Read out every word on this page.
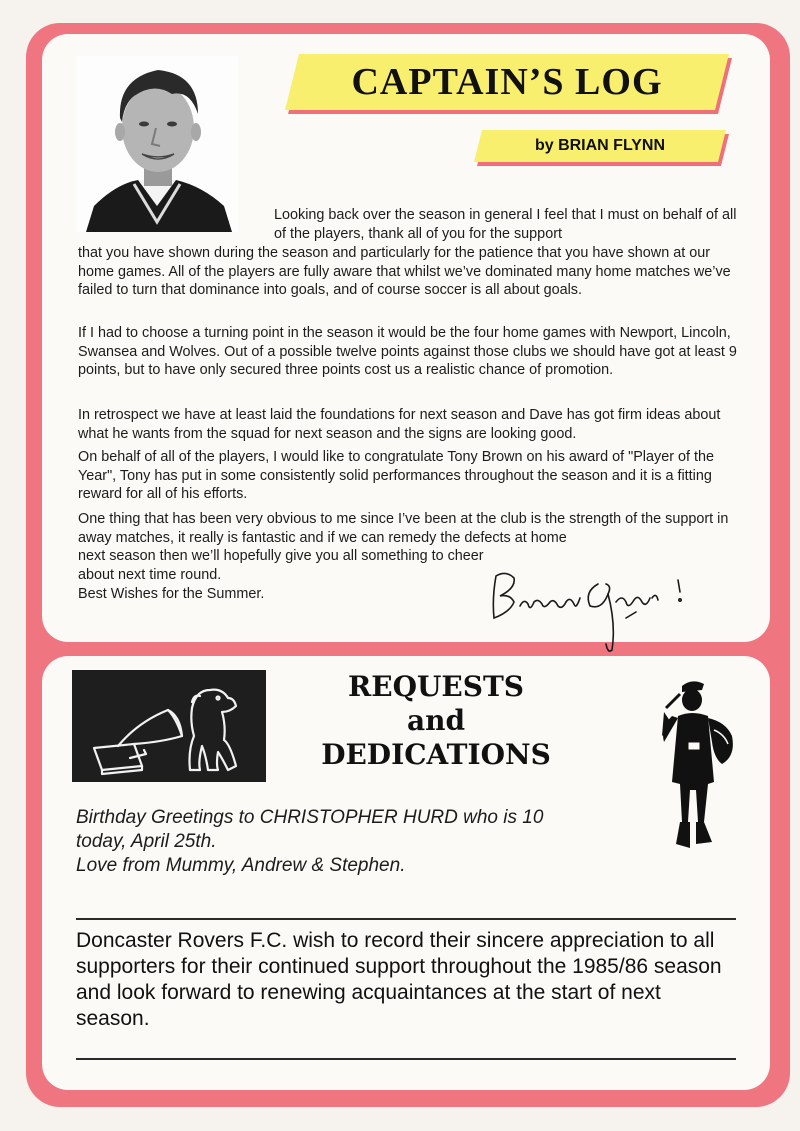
CAPTAIN’S LOG
by BRIAN FLYNN
Looking back over the season in general I feel that I must on behalf of all of the players, thank all of you for the support
that you have shown during the season and particularly for the patience that you have shown at our home games. All of the players are fully aware that whilst we’ve dominated many home matches we’ve failed to turn that dominance into goals, and of course soccer is all about goals.
If I had to choose a turning point in the season it would be the four home games with Newport, Lincoln, Swansea and Wolves. Out of a possible twelve points against those clubs we should have got at least 9 points, but to have only secured three points cost us a realistic chance of promotion.
In retrospect we have at least laid the foundations for next season and Dave has got firm ideas about what he wants from the squad for next season and the signs are looking good.
On behalf of all of the players, I would like to congratulate Tony Brown on his award of "Player of the Year", Tony has put in some consistently solid performances throughout the season and it is a fitting reward for all of his efforts.
One thing that has been very obvious to me since I’ve been at the club is the strength of the support in away matches, it really is fantastic and if we can remedy the defects at home
next season then we’ll hopefully give you all something to cheer about next time round.
Best Wishes for the Summer.
REQUESTS
and
DEDICATIONS
Birthday Greetings to CHRISTOPHER HURD who is 10
today, April 25th.
Love from Mummy, Andrew & Stephen.
Doncaster Rovers F.C. wish to record their sincere appreciation to all supporters for their continued support throughout the 1985/86 season and look forward to renewing acquaintances at the start of next season.
